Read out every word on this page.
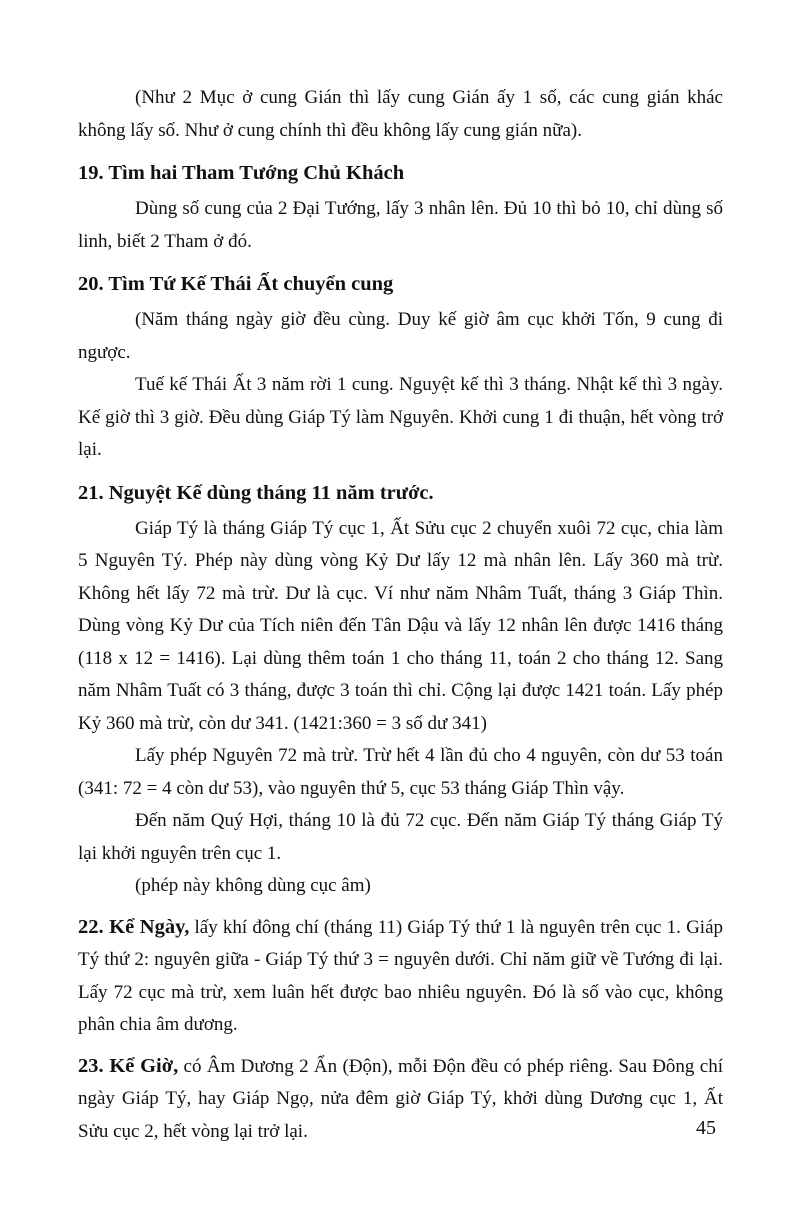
(Như 2 Mục ở cung Gián thì lấy cung Gián ấy 1 số, các cung gián khác không lấy số. Như ở cung chính thì đều không lấy cung gián nữa).

19. Tìm hai Tham Tướng Chủ Khách

Dùng số cung của 2 Đại Tướng, lấy 3 nhân lên. Đủ 10 thì bỏ 10, chỉ dùng số linh, biết 2 Tham ở đó.

20. Tìm Tứ Kế Thái Ất chuyển cung

(Năm tháng ngày giờ đều cùng. Duy kế giờ âm cục khởi Tốn, 9 cung đi ngược.

Tuế kế Thái Ất 3 năm rời 1 cung. Nguyệt kế thì 3 tháng. Nhật kế thì 3 ngày. Kế giờ thì 3 giờ. Đều dùng Giáp Tý làm Nguyên. Khởi cung 1 đi thuận, hết vòng trở lại.

21. Nguyệt Kế dùng tháng 11 năm trước.

Giáp Tý là tháng Giáp Tý cục 1, Ất Sửu cục 2 chuyển xuôi 72 cục, chia làm 5 Nguyên Tý. Phép này dùng vòng Kỷ Dư lấy 12 mà nhân lên. Lấy 360 mà trừ. Không hết lấy 72 mà trừ. Dư là cục. Ví như năm Nhâm Tuất, tháng 3 Giáp Thìn. Dùng vòng Kỷ Dư của Tích niên đến Tân Dậu và lấy 12 nhân lên được 1416 tháng (118 x 12 = 1416). Lại dùng thêm toán 1 cho tháng 11, toán 2 cho tháng 12. Sang năm Nhâm Tuất có 3 tháng, được 3 toán thì chỉ. Cộng lại được 1421 toán. Lấy phép Kỷ 360 mà trừ, còn dư 341. (1421:360 = 3 số dư 341)

Lấy phép Nguyên 72 mà trừ. Trừ hết 4 lần đủ cho 4 nguyên, còn dư 53 toán (341: 72 = 4 còn dư 53), vào nguyên thứ 5, cục 53 tháng Giáp Thìn vậy.

Đến năm Quý Hợi, tháng 10 là đủ 72 cục. Đến năm Giáp Tý tháng Giáp Tý lại khởi nguyên trên cục 1.

(phép này không dùng cục âm)

22. Kể Ngày, lấy khí đông chí (tháng 11) Giáp Tý thứ 1 là nguyên trên cục 1. Giáp Tý thứ 2: nguyên giữa - Giáp Tý thứ 3 = nguyên dưới. Chỉ năm giữ về Tướng đi lại. Lấy 72 cục mà trừ, xem luân hết được bao nhiêu nguyên. Đó là số vào cục, không phân chia âm dương.

23. Kể Giờ, có Âm Dương 2 Ẩn (Độn), mỗi Độn đều có phép riêng. Sau Đông chí ngày Giáp Tý, hay Giáp Ngọ, nửa đêm giờ Giáp Tý, khởi dùng Dương cục 1, Ất Sửu cục 2, hết vòng lại trở lại.	45
